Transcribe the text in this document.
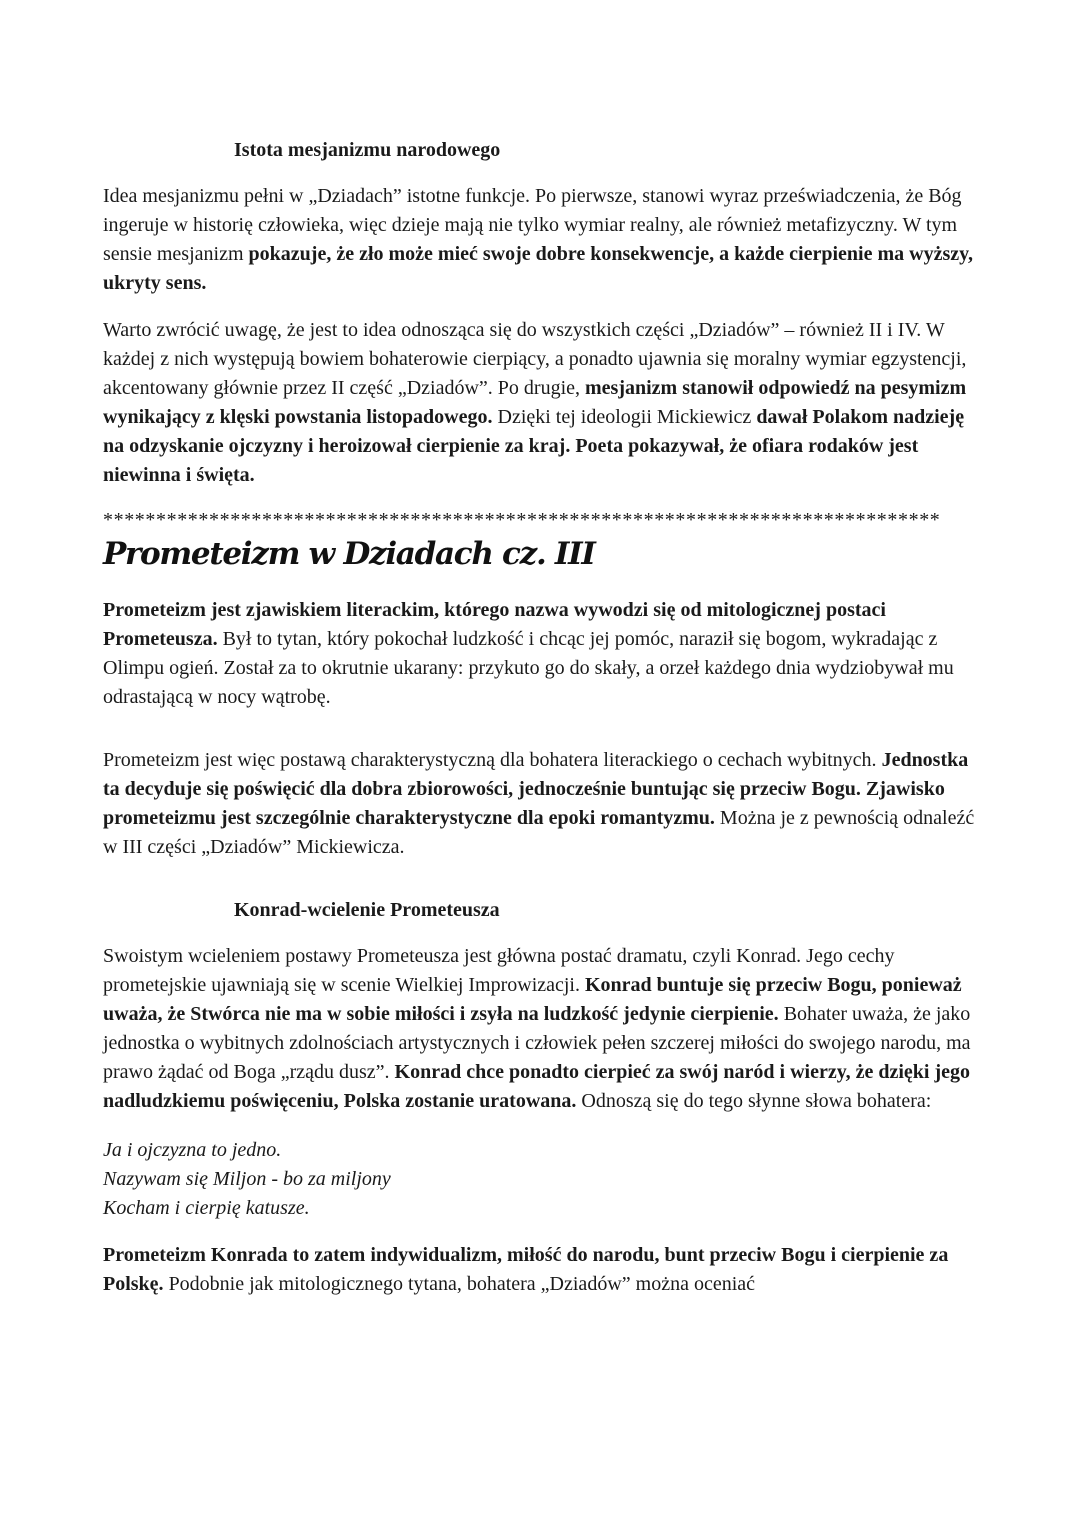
Istota mesjanizmu narodowego

Idea mesjanizmu pełni w „Dziadach” istotne funkcje. Po pierwsze, stanowi wyraz przeświadczenia, że Bóg ingeruje w historię człowieka, więc dzieje mają nie tylko wymiar realny, ale również metafizyczny. W tym sensie mesjanizm pokazuje, że zło może mieć swoje dobre konsekwencje, a każde cierpienie ma wyższy, ukryty sens.

Warto zwrócić uwagę, że jest to idea odnosząca się do wszystkich części „Dziadów” – również II i IV. W każdej z nich występują bowiem bohaterowie cierpiący, a ponadto ujawnia się moralny wymiar egzystencji, akcentowany głównie przez II część „Dziadów”. Po drugie, mesjanizm stanowił odpowiedź na pesymizm wynikający z klęski powstania listopadowego. Dzięki tej ideologii Mickiewicz dawał Polakom nadzieję na odzyskanie ojczyzny i heroizował cierpienie za kraj. Poeta pokazywał, że ofiara rodaków jest niewinna i święta.

*******************************************************************************
Prometeizm w Dziadach cz. III

Prometeizm jest zjawiskiem literackim, którego nazwa wywodzi się od mitologicznej postaci Prometeusza. Był to tytan, który pokochał ludzkość i chcąc jej pomóc, naraził się bogom, wykradając z Olimpu ogień. Został za to okrutnie ukarany: przykuto go do skały, a orzeł każdego dnia wydziobywał mu odrastającą w nocy wątrobę.

Prometeizm jest więc postawą charakterystyczną dla bohatera literackiego o cechach wybitnych. Jednostka ta decyduje się poświęcić dla dobra zbiorowości, jednocześnie buntując się przeciw Bogu. Zjawisko prometeizmu jest szczególnie charakterystyczne dla epoki romantyzmu. Można je z pewnością odnaleźć w III części „Dziadów” Mickiewicza.

Konrad-wcielenie Prometeusza

Swoistym wcieleniem postawy Prometeusza jest główna postać dramatu, czyli Konrad. Jego cechy prometejskie ujawniają się w scenie Wielkiej Improwizacji. Konrad buntuje się przeciw Bogu, ponieważ uważa, że Stwórca nie ma w sobie miłości i zsyła na ludzkość jedynie cierpienie. Bohater uważa, że jako jednostka o wybitnych zdolnościach artystycznych i człowiek pełen szczerej miłości do swojego narodu, ma prawo żądać od Boga „rządu dusz”. Konrad chce ponadto cierpieć za swój naród i wierzy, że dzięki jego nadludzkiemu poświęceniu, Polska zostanie uratowana. Odnoszą się do tego słynne słowa bohatera:

Ja i ojczyzna to jedno.
Nazywam się Miljon - bo za miljony
Kocham i cierpię katusze.

Prometeizm Konrada to zatem indywidualizm, miłość do narodu, bunt przeciw Bogu i cierpienie za Polskę. Podobnie jak mitologicznego tytana, bohatera „Dziadów” można oceniać
